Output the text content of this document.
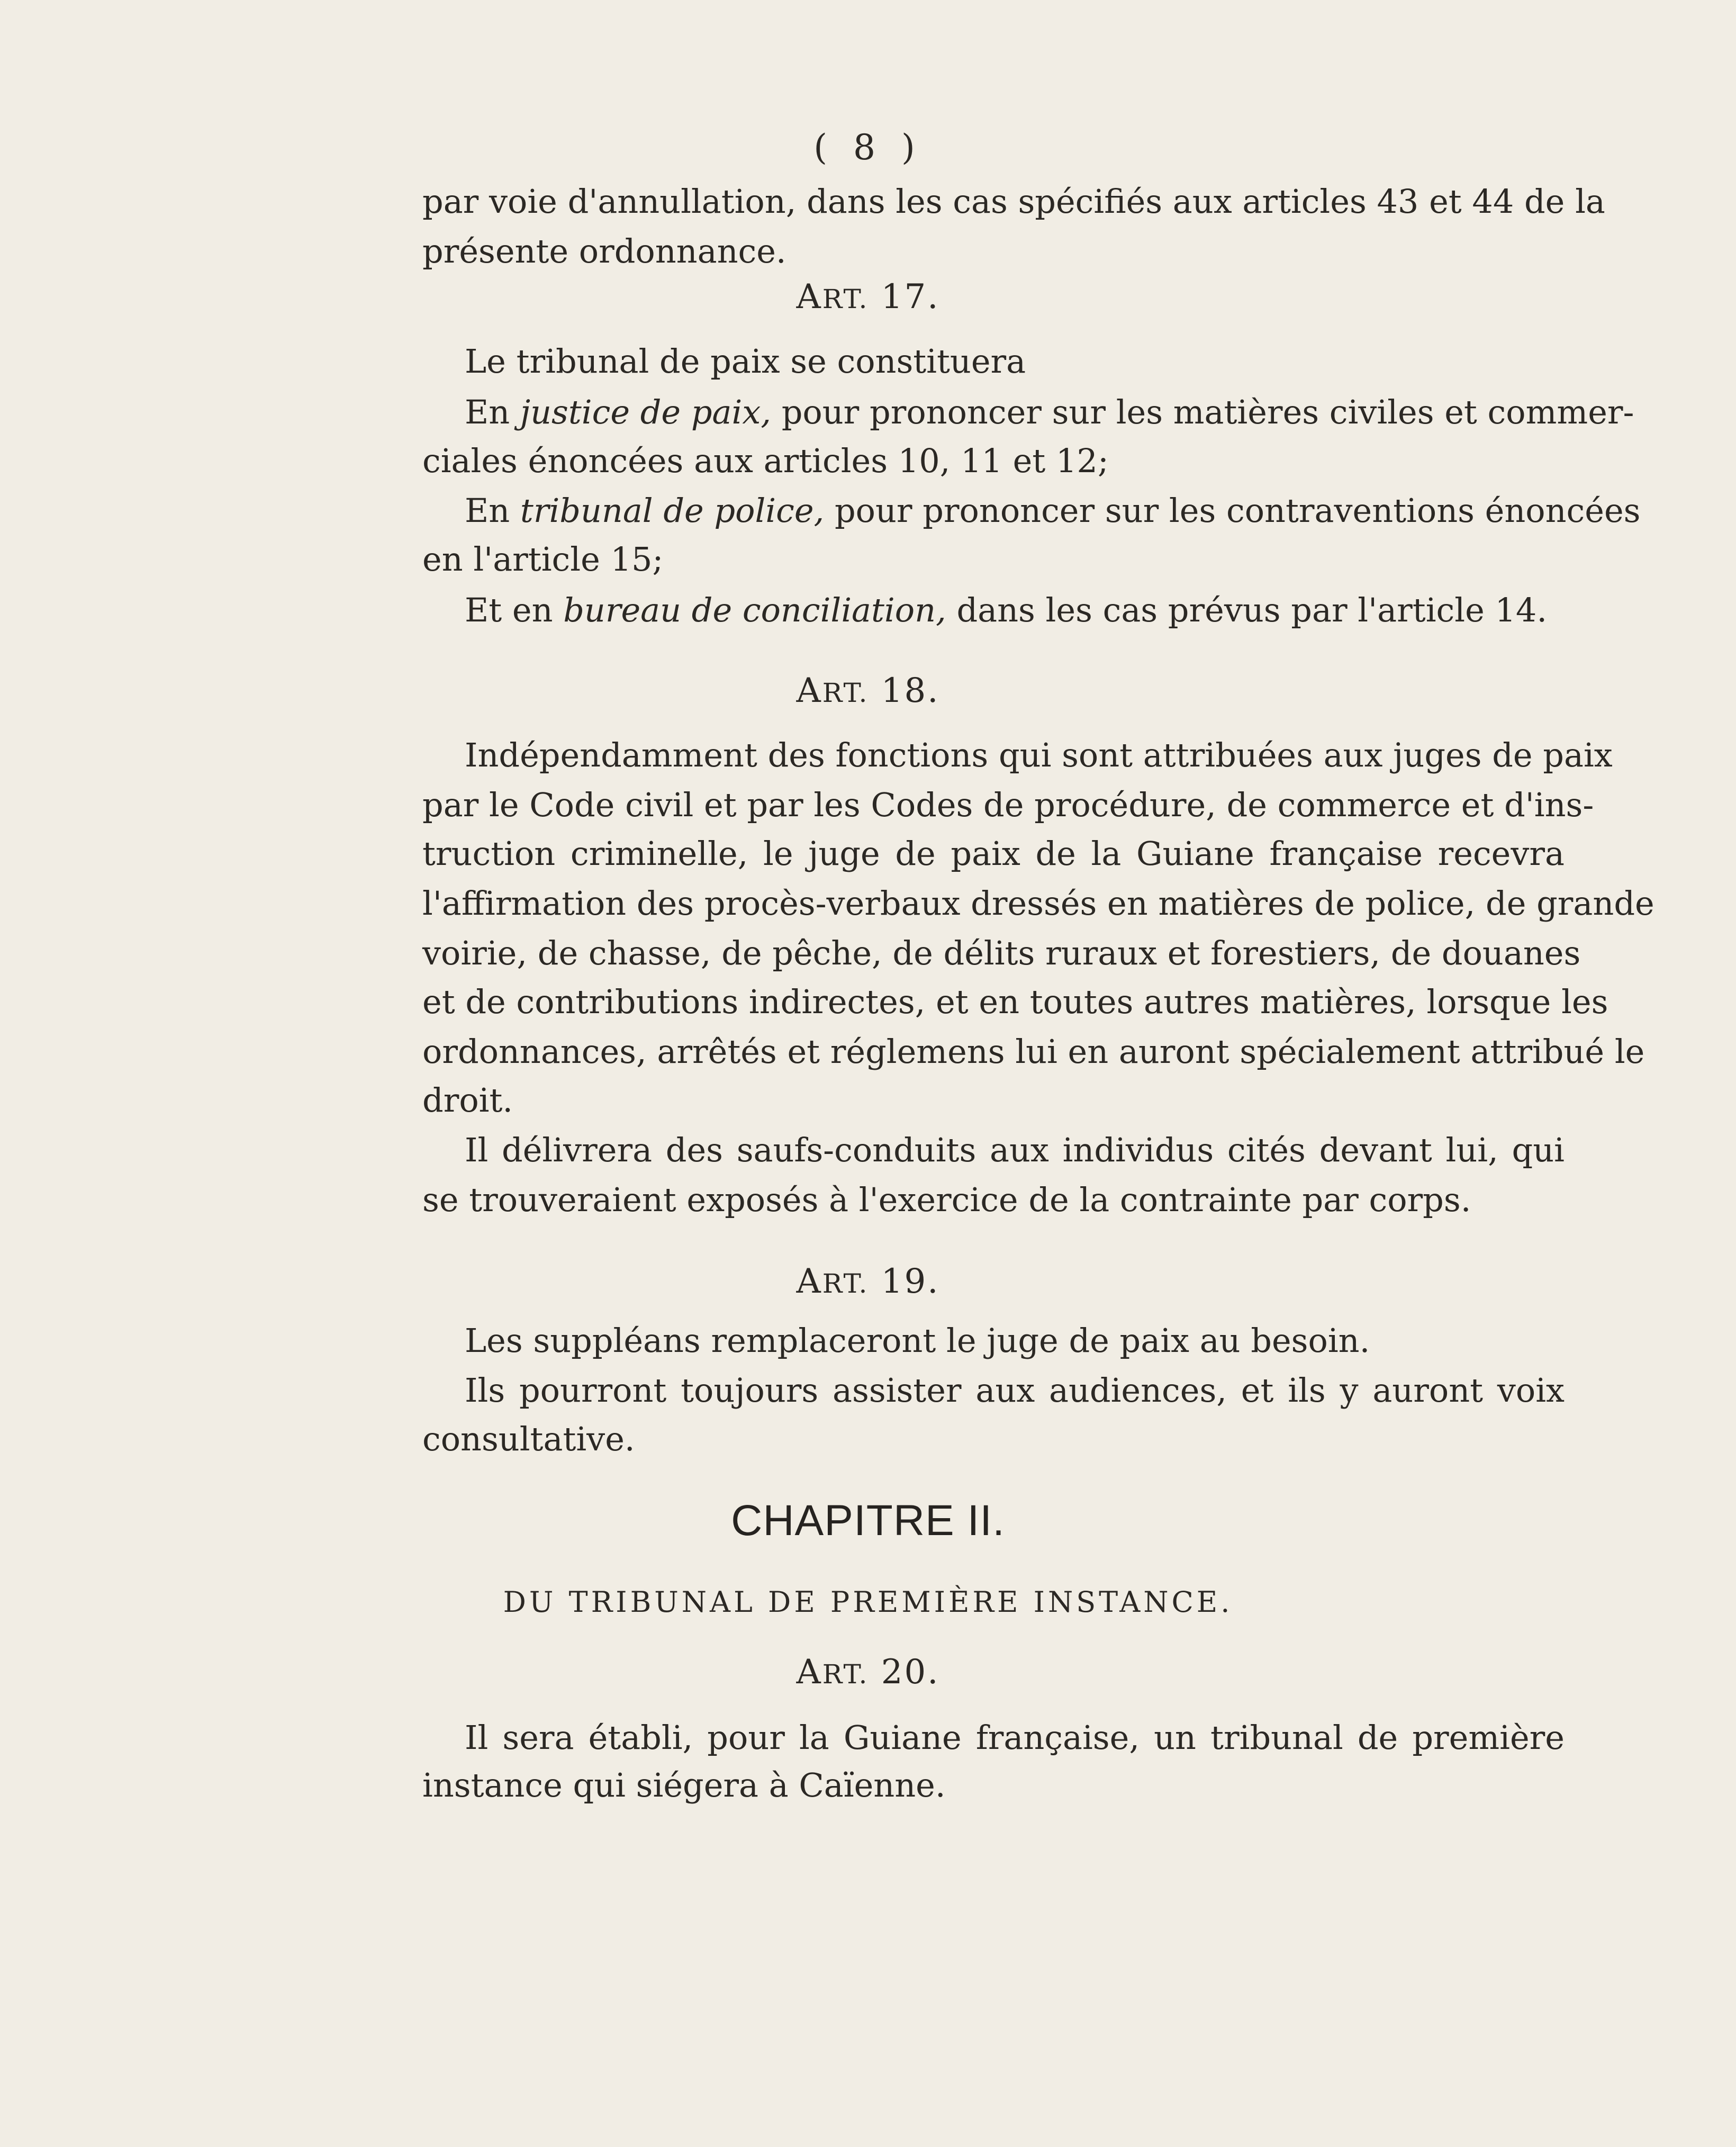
( 8 )
par voie d'annullation, dans les cas spécifiés aux articles 43 et 44 de la
présente ordonnance.
ART. 17.
Le tribunal de paix se constituera
En justice de paix, pour prononcer sur les matières civiles et commer-
ciales énoncées aux articles 10, 11 et 12;
En tribunal de police, pour prononcer sur les contraventions énoncées
en l'article 15;
Et en bureau de conciliation, dans les cas prévus par l'article 14.
ART. 18.
Indépendamment des fonctions qui sont attribuées aux juges de paix
par le Code civil et par les Codes de procédure, de commerce et d'ins-
truction criminelle, le juge de paix de la Guiane française recevra
l'affirmation des procès-verbaux dressés en matières de police, de grande
voirie, de chasse, de pêche, de délits ruraux et forestiers, de douanes
et de contributions indirectes, et en toutes autres matières, lorsque les
ordonnances, arrêtés et réglemens lui en auront spécialement attribué le
droit.
Il délivrera des saufs-conduits aux individus cités devant lui, qui
se trouveraient exposés à l'exercice de la contrainte par corps.
ART. 19.
Les suppléans remplaceront le juge de paix au besoin.
Ils pourront toujours assister aux audiences, et ils y auront voix
consultative.
CHAPITRE II.
DU TRIBUNAL DE PREMIÈRE INSTANCE.
ART. 20.
Il sera établi, pour la Guiane française, un tribunal de première
instance qui siégera à Caïenne.
